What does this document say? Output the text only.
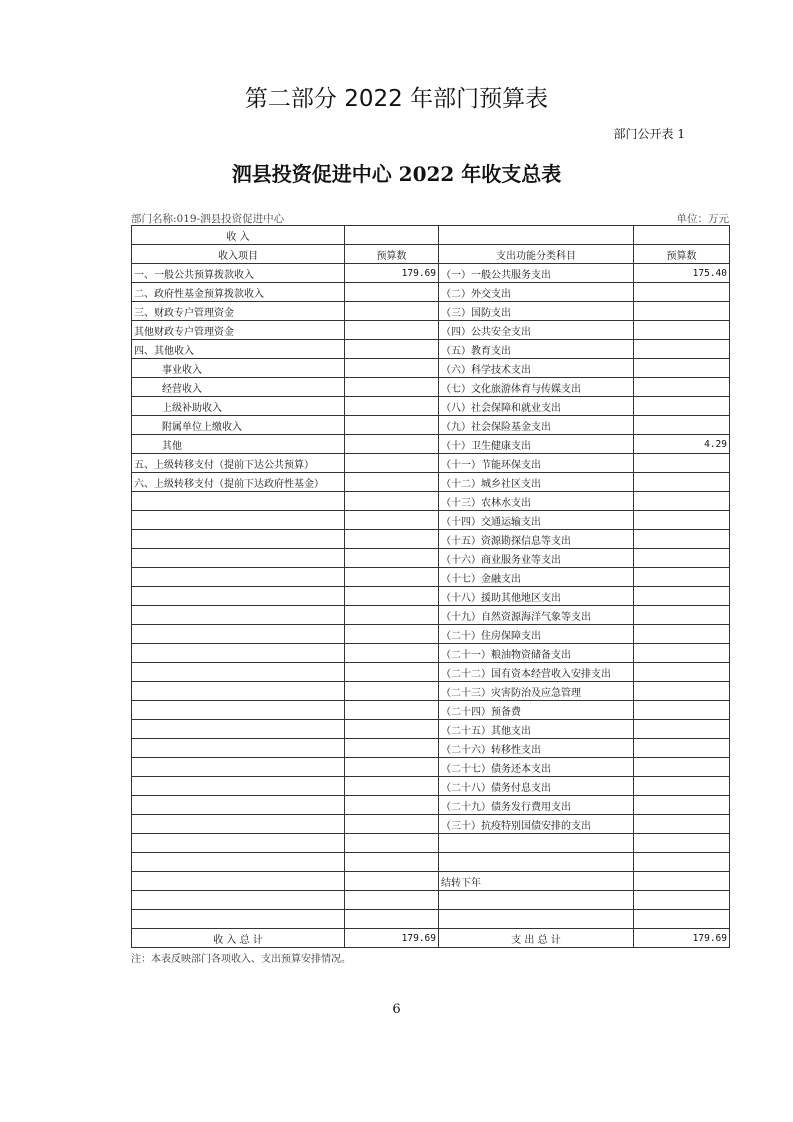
第二部分 2022 年部门预算表
部门公开表 1
泗县投资促进中心 2022 年收支总表
部门名称:019-泗县投资促进中心	单位：万元
收 入			
收入项目	预算数	支出功能分类科目	预算数
一、一般公共预算拨款收入	179.69	（一）一般公共服务支出	175.40
二、政府性基金预算拨款收入		（二）外交支出	
三、财政专户管理资金		（三）国防支出	
其他财政专户管理资金		（四）公共安全支出	
四、其他收入		（五）教育支出	
事业收入		（六）科学技术支出	
经营收入		（七）文化旅游体育与传媒支出	
上级补助收入		（八）社会保障和就业支出	
附属单位上缴收入		（九）社会保险基金支出	
其他		（十）卫生健康支出	4.29
五、上级转移支付（提前下达公共预算）		（十一）节能环保支出	
六、上级转移支付（提前下达政府性基金）		（十二）城乡社区支出	
		（十三）农林水支出	
		（十四）交通运输支出	
		（十五）资源勘探信息等支出	
		（十六）商业服务业等支出	
		（十七）金融支出	
		（十八）援助其他地区支出	
		（十九）自然资源海洋气象等支出	
		（二十）住房保障支出	
		（二十一）粮油物资储备支出	
		（二十二）国有资本经营收入安排支出	
		（二十三）灾害防治及应急管理	
		（二十四）预备费	
		（二十五）其他支出	
		（二十六）转移性支出	
		（二十七）债务还本支出	
		（二十八）债务付息支出	
		（二十九）债务发行费用支出	
		（三十）抗疫特别国债安排的支出	

		结转下年	

收 入 总 计	179.69	支 出 总 计	179.69
注：本表反映部门各项收入、支出预算安排情况。
6
